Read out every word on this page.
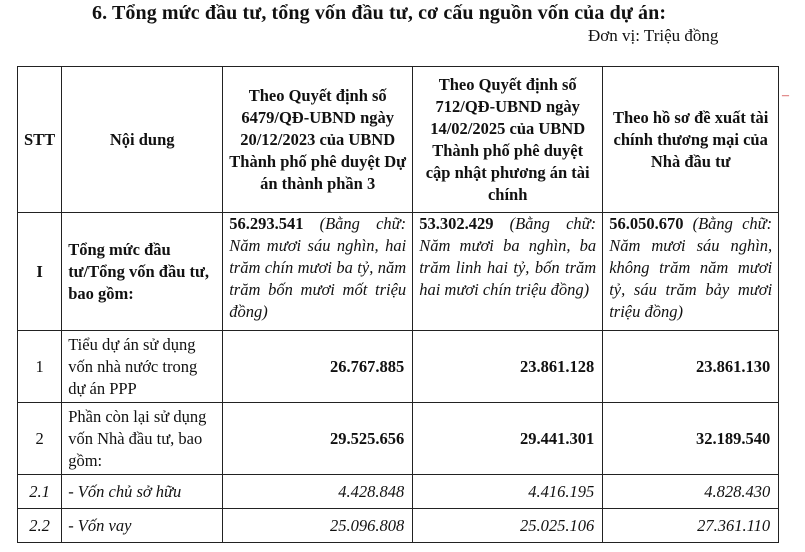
6. Tổng mức đầu tư, tổng vốn đầu tư, cơ cấu nguồn vốn của dự án:
Đơn vị: Triệu đồng
STT	Nội dung	Theo Quyết định số 6479/QĐ-UBND ngày 20/12/2023 của UBND Thành phố phê duyệt Dự án thành phần 3	Theo Quyết định số 712/QĐ-UBND ngày 14/02/2025 của UBND Thành phố phê duyệt cập nhật phương án tài chính	Theo hồ sơ đề xuất tài chính thương mại của Nhà đầu tư
I	Tổng mức đầu tư/Tổng vốn đầu tư, bao gồm:	56.293.541 (Bằng chữ: Năm mươi sáu nghìn, hai trăm chín mươi ba tỷ, năm trăm bốn mươi mốt triệu đồng)	53.302.429 (Bằng chữ: Năm mươi ba nghìn, ba trăm linh hai tỷ, bốn trăm hai mươi chín triệu đồng)	56.050.670 (Bằng chữ: Năm mươi sáu nghìn, không trăm năm mươi tỷ, sáu trăm bảy mươi triệu đồng)
1	Tiểu dự án sử dụng vốn nhà nước trong dự án PPP	26.767.885	23.861.128	23.861.130
2	Phần còn lại sử dụng vốn Nhà đầu tư, bao gồm:	29.525.656	29.441.301	32.189.540
2.1	- Vốn chủ sở hữu	4.428.848	4.416.195	4.828.430
2.2	- Vốn vay	25.096.808	25.025.106	27.361.110
–
